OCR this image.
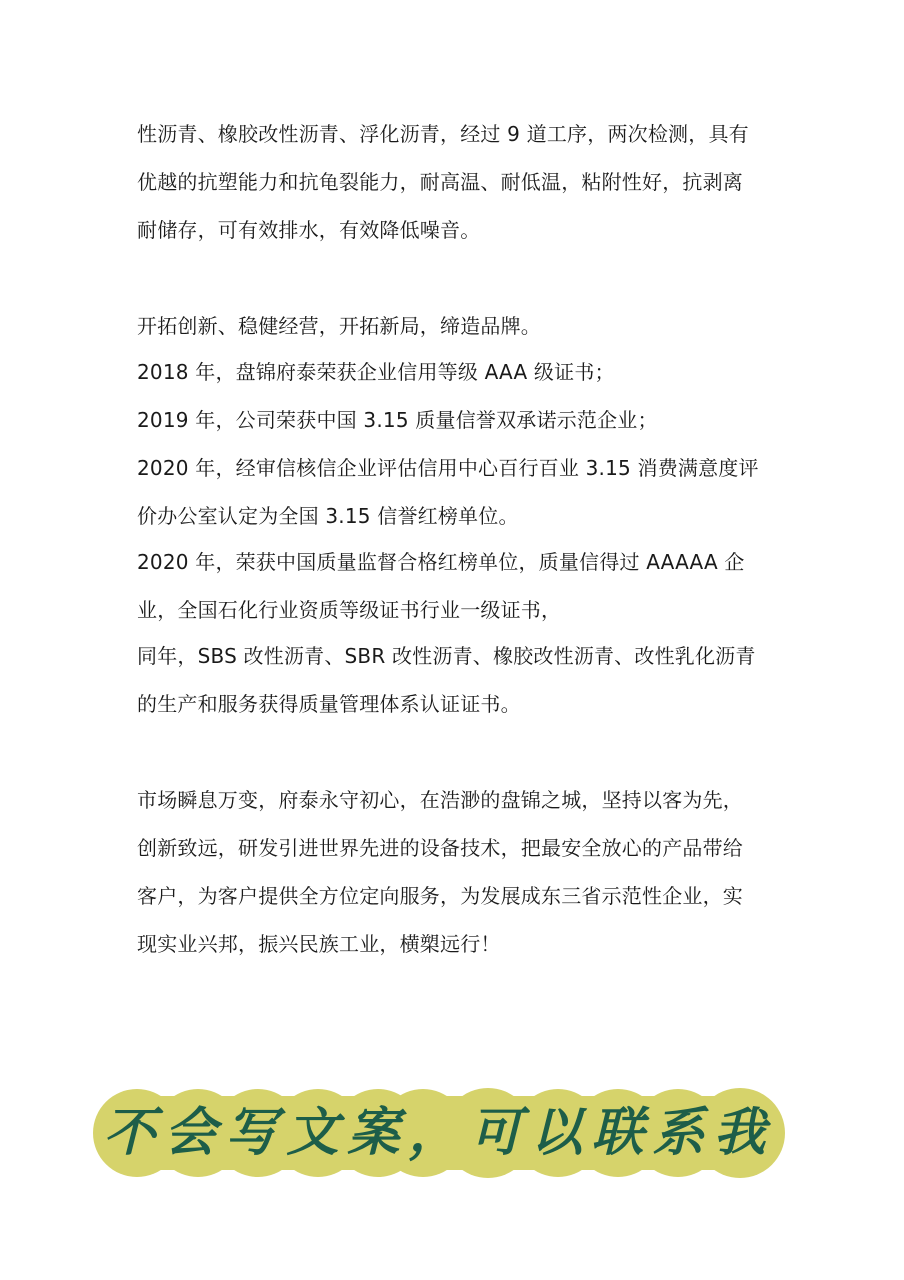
性沥青、橡胶改性沥青、浮化沥青，经过 9 道工序，两次检测，具有
优越的抗塑能力和抗龟裂能力，耐高温、耐低温，粘附性好，抗剥离
耐储存，可有效排水，有效降低噪音。
开拓创新、稳健经营，开拓新局，缔造品牌。
2018 年，盘锦府泰荣获企业信用等级 AAA 级证书；
2019 年，公司荣获中国 3.15 质量信誉双承诺示范企业；
2020 年，经审信核信企业评估信用中心百行百业 3.15 消费满意度评
价办公室认定为全国 3.15 信誉红榜单位。
2020 年，荣获中国质量监督合格红榜单位，质量信得过 AAAAA 企
业，全国石化行业资质等级证书行业一级证书，
同年，SBS 改性沥青、SBR 改性沥青、橡胶改性沥青、改性乳化沥青
的生产和服务获得质量管理体系认证证书。
市场瞬息万变，府泰永守初心，在浩渺的盘锦之城，坚持以客为先，
创新致远，研发引进世界先进的设备技术，把最安全放心的产品带给
客户，为客户提供全方位定向服务，为发展成东三省示范性企业，实
现实业兴邦，振兴民族工业，横槊远行！
不会写文案，可以联系我
